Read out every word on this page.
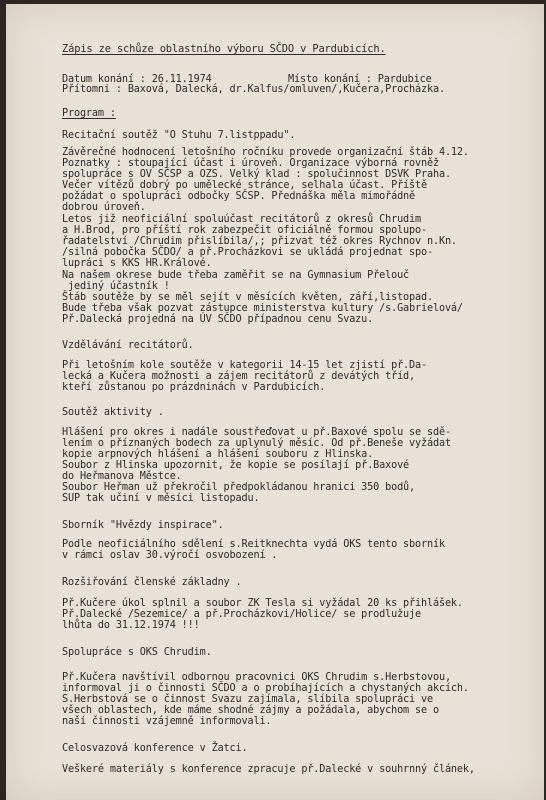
Zápis ze schůze oblastního výboru SČDO v Pardubicích.
Datum konání : 26.11.1974	Místo konání : Pardubice
Přítomni : Baxová, Dalecká, dr.Kalfus/omluven/,Kučera,Procházka.
Program :
Recitační soutěž "O Stuhu 7.listppadu".
Závěrečné hodnocení letošního ročníku provede organizační štáb 4.12.
Poznatky : stoupající účast i úroveň. Organizace výborná rovněž
spolupráce s OV SČSP a OZS. Velký klad : spolučinnost DSVK Praha.
Večer vítězů dobrý po umělecké stránce, selhala účast. Příště
požádat o spolupráci odbočky SČSP. Přednáška měla mimořádně
dobrou úroveň.
Letos již neoficiální spoluúčast recitátorů z okresů Chrudim
a H.Brod, pro příští rok zabezpečit oficiálně formou spolupo-
řadatelství /Chrudim přislíbila/,; přizvat též okres Rychnov n.Kn.
/silná pobočka SČDO/ a př.Procházkovi se ukládá projednat spo-
lupráci s KKS HR.Králové.
Na našem okrese bude třeba zaměřit se na Gymnasium Přelouč
jediný účastník !
Štáb soutěže by se měl sejít v měsících květen, září,listopad.
Bude třeba však pozvat zástupce ministerstva kultury /s.Gabrielová/
Př.Dalecká projedná na ÚV SČDO případnou cenu Svazu.
Vzdělávání recitátorů.
Při letošním kole soutěže v kategorii 14-15 let zjistí př.Da-
lecká a Kučera možnosti a zájem recitátorů z devátých tříd,
kteří zůstanou po prázdninách v Pardubicích.
Soutěž aktivity .
Hlášení pro okres i nadále soustřeďovat u př.Baxové spolu se sdě-
lením o příznaných bodech za uplynulý měsíc. Od př.Beneše vyžádat
kopie arpnových hlášení a hlášení souboru z Hlinska.
Soubor z Hlinska upozornit, že kopie se posílají př.Baxové
do Heřmanova Městce.
Soubor Heřman už překročil předpokládanou hranici 350 bodů,
SUP tak učiní v měsíci listopadu.
Sborník "Hvězdy inspirace".
Podle neoficiálního sdělení s.Reitknechta vydá OKS tento sborník
v rámci oslav 30.výročí osvobození .
Rozšiřování členské základny .
Př.Kučere úkol splnil a soubor ZK Tesla si vyžádal 20 ks přihlášek.
Př.Dalecké /Sezemice/ a př.Procházkovi/Holice/ se prodlužuje
lhůta do 31.12.1974 !!!
Spolupráce s OKS Chrudim.
Př.Kučera navštívil odbornou pracovnici OKS Chrudim s.Herbstovou,
informoval ji o činnosti SČDO a o probíhajících a chystaných akcích.
S.Herbstová se o činnost Svazu zajímala, slíbila spolupráci ve
všech oblastech, kde máme shodné zájmy a požádala, abychom se o
naší činnosti vzájemně informovali.
Celosvazová konference v Žatci.
Veškeré materiály s konference zpracuje př.Dalecké v souhrnný článek,
